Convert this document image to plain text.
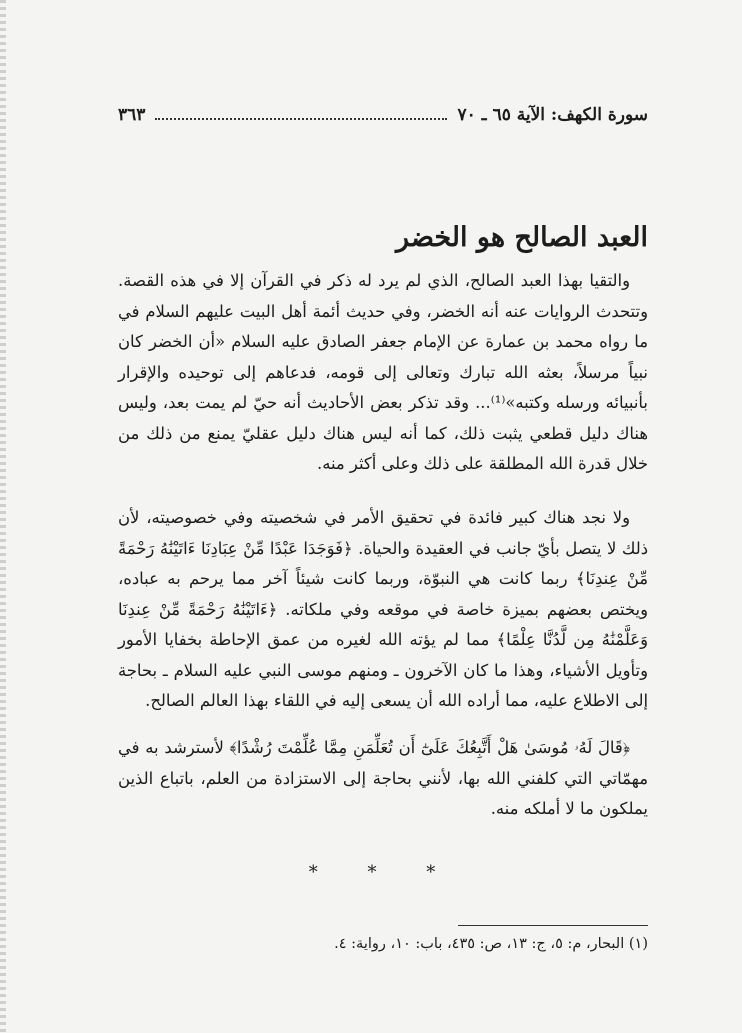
سورة الكهف: الآية ٦٥ ـ ٧٠
٣٦٣
العبد الصالح هو الخضر

والتقيا بهذا العبد الصالح، الذي لم يرد له ذكر في القرآن إلا في هذه القصة. وتتحدث الروايات عنه أنه الخضر، وفي حديث أئمة أهل البيت عليهم السلام في ما رواه محمد بن عمارة عن الإمام جعفر الصادق عليه السلام «أن الخضر كان نبياً مرسلاً، بعثه الله تبارك وتعالى إلى قومه، فدعاهم إلى توحيده والإقرار بأنبيائه ورسله وكتبه»⁽¹⁾... وقد تذكر بعض الأحاديث أنه حيّ لم يمت بعد، وليس هناك دليل قطعي يثبت ذلك، كما أنه ليس هناك دليل عقليّ يمنع من ذلك من خلال قدرة الله المطلقة على ذلك وعلى أكثر منه.

ولا نجد هناك كبير فائدة في تحقيق الأمر في شخصيته وفي خصوصيته، لأن ذلك لا يتصل بأيّ جانب في العقيدة والحياة. ﴿فَوَجَدَا عَبْدًا مِّنْ عِبَادِنَا ءَاتَيْنَٰهُ رَحْمَةً مِّنْ عِندِنَا﴾ ربما كانت هي النبوّة، وربما كانت شيئاً آخر مما يرحم به عباده، ويختص بعضهم بميزة خاصة في موقعه وفي ملكاته. ﴿ءَاتَيْنَٰهُ رَحْمَةً مِّنْ عِندِنَا وَعَلَّمْنَٰهُ مِن لَّدُنَّا عِلْمًا﴾ مما لم يؤته الله لغيره من عمق الإحاطة بخفايا الأمور وتأويل الأشياء، وهذا ما كان الآخرون ـ ومنهم موسى النبي عليه السلام ـ بحاجة إلى الاطلاع عليه، مما أراده الله أن يسعى إليه في اللقاء بهذا العالم الصالح.

﴿قَالَ لَهُۥ مُوسَىٰ هَلْ أَتَّبِعُكَ عَلَىٰٓ أَن تُعَلِّمَنِ مِمَّا عُلِّمْتَ رُشْدًا﴾ لأسترشد به في مهمّاتي التي كلفني الله بها، لأنني بحاجة إلى الاستزادة من العلم، باتباع الذين يملكون ما لا أملكه منه.

* * *
(١) البحار، م: ٥، ج: ١٣، ص: ٤٣٥، باب: ١٠، رواية: ٤.
